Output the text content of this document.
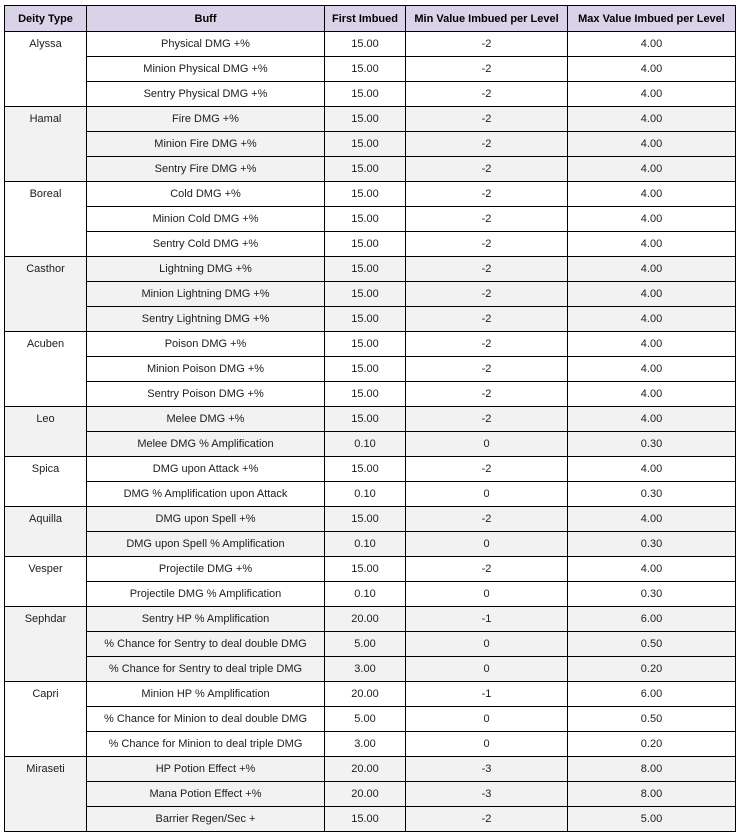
Deity Type	Buff	First Imbued	Min Value Imbued per Level	Max Value Imbued per Level

Alyssa	Physical DMG +%	15.00	-2	4.00
	Minion Physical DMG +%	15.00	-2	4.00
	Sentry Physical DMG +%	15.00	-2	4.00

Hamal	Fire DMG +%	15.00	-2	4.00
	Minion Fire DMG +%	15.00	-2	4.00
	Sentry Fire DMG +%	15.00	-2	4.00

Boreal	Cold DMG +%	15.00	-2	4.00
	Minion Cold DMG +%	15.00	-2	4.00
	Sentry Cold DMG +%	15.00	-2	4.00

Casthor	Lightning DMG +%	15.00	-2	4.00
	Minion Lightning DMG +%	15.00	-2	4.00
	Sentry Lightning DMG +%	15.00	-2	4.00

Acuben	Poison DMG +%	15.00	-2	4.00
	Minion Poison DMG +%	15.00	-2	4.00
	Sentry Poison DMG +%	15.00	-2	4.00

Leo	Melee DMG +%	15.00	-2	4.00
	Melee DMG % Amplification	0.10	0	0.30

Spica	DMG upon Attack +%	15.00	-2	4.00
	DMG % Amplification upon Attack	0.10	0	0.30

Aquilla	DMG upon Spell +%	15.00	-2	4.00
	DMG upon Spell % Amplification	0.10	0	0.30

Vesper	Projectile DMG +%	15.00	-2	4.00
	Projectile DMG % Amplification	0.10	0	0.30

Sephdar	Sentry HP % Amplification	20.00	-1	6.00
	% Chance for Sentry to deal double DMG	5.00	0	0.50
	% Chance for Sentry to deal triple DMG	3.00	0	0.20

Capri	Minion HP % Amplification	20.00	-1	6.00
	% Chance for Minion to deal double DMG	5.00	0	0.50
	% Chance for Minion to deal triple DMG	3.00	0	0.20

Miraseti	HP Potion Effect +%	20.00	-3	8.00
	Mana Potion Effect +%	20.00	-3	8.00
	Barrier Regen/Sec +	15.00	-2	5.00
